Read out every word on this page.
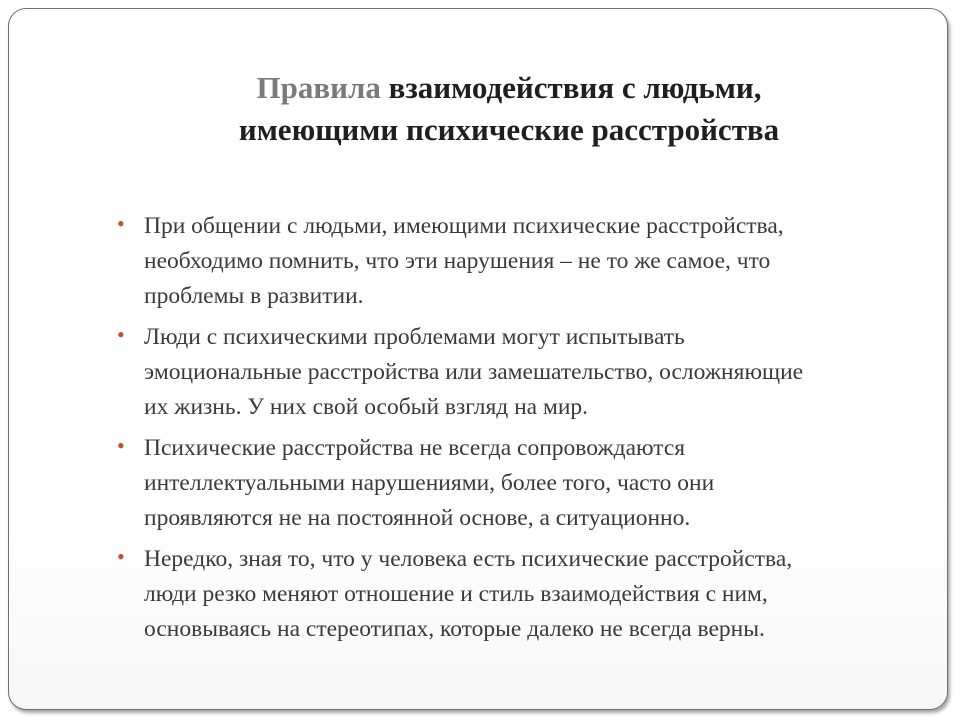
Правила взаимодействия с людьми,
имеющими психические расстройства
• При общении с людьми, имеющими психические расстройства,
необходимо помнить, что эти нарушения – не то же самое, что
проблемы в развитии.
• Люди с психическими проблемами могут испытывать
эмоциональные расстройства или замешательство, осложняющие
их жизнь. У них свой особый взгляд на мир.
• Психические расстройства не всегда сопровождаются
интеллектуальными нарушениями, более того, часто они
проявляются не на постоянной основе, а ситуационно.
• Нередко, зная то, что у человека есть психические расстройства,
люди резко меняют отношение и стиль взаимодействия с ним,
основываясь на стереотипах, которые далеко не всегда верны.
